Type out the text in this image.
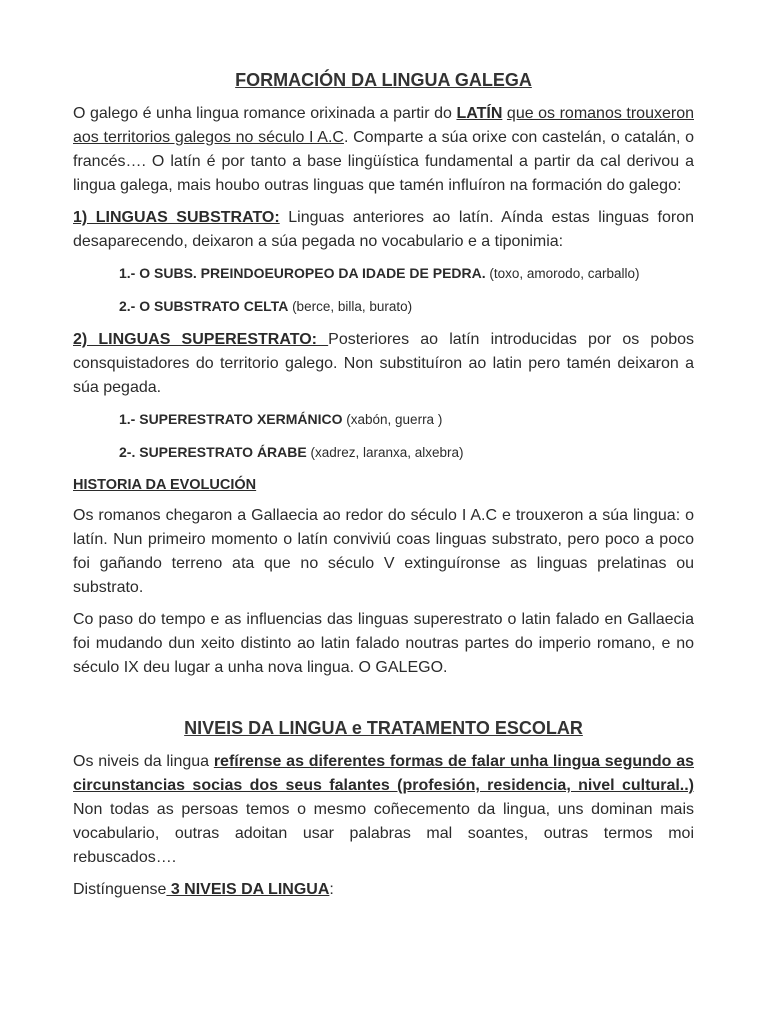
FORMACIÓN DA LINGUA GALEGA

O galego é unha lingua romance orixinada a partir do LATÍN que os romanos trouxeron aos territorios galegos no século I A.C. Comparte a súa orixe con castelán, o catalán, o francés…. O latín é por tanto a base lingüística fundamental a partir da cal derivou a lingua galega, mais houbo outras linguas que tamén influíron na formación do galego:

1) LINGUAS SUBSTRATO: Linguas anteriores ao latín. Aínda estas linguas foron desaparecendo, deixaron a súa pegada no vocabulario e a tiponimia:

1.- O SUBS. PREINDOEUROPEO DA IDADE DE PEDRA. (toxo, amorodo, carballo)
2.- O SUBSTRATO CELTA (berce, billa, burato)

2) LINGUAS SUPERESTRATO: Posteriores ao latín introducidas por os pobos consquistadores do territorio galego. Non substituíron ao latin pero tamén deixaron a súa pegada.

1.- SUPERESTRATO XERMÁNICO (xabón, guerra )
2-. SUPERESTRATO ÁRABE (xadrez, laranxa, alxebra)
HISTORIA DA EVOLUCIÓN

Os romanos chegaron a Gallaecia ao redor do século I A.C e trouxeron a súa lingua: o latín. Nun primeiro momento o latín conviviú coas linguas substrato, pero poco a poco foi gañando terreno ata que no século V extinguíronse as linguas prelatinas ou substrato.

Co paso do tempo e as influencias das linguas superestrato o latin falado en Gallaecia foi mudando dun xeito distinto ao latin falado noutras partes do imperio romano, e no século IX deu lugar a unha nova lingua. O GALEGO.

NIVEIS DA LINGUA e TRATAMENTO ESCOLAR

Os niveis da lingua refírense as diferentes formas de falar unha lingua segundo as circunstancias socias dos seus falantes (profesión, residencia, nivel cultural..) Non todas as persoas temos o mesmo coñecemento da lingua, uns dominan mais vocabulario, outras adoitan usar palabras mal soantes, outras termos moi rebuscados….

Distínguense 3 NIVEIS DA LINGUA:
